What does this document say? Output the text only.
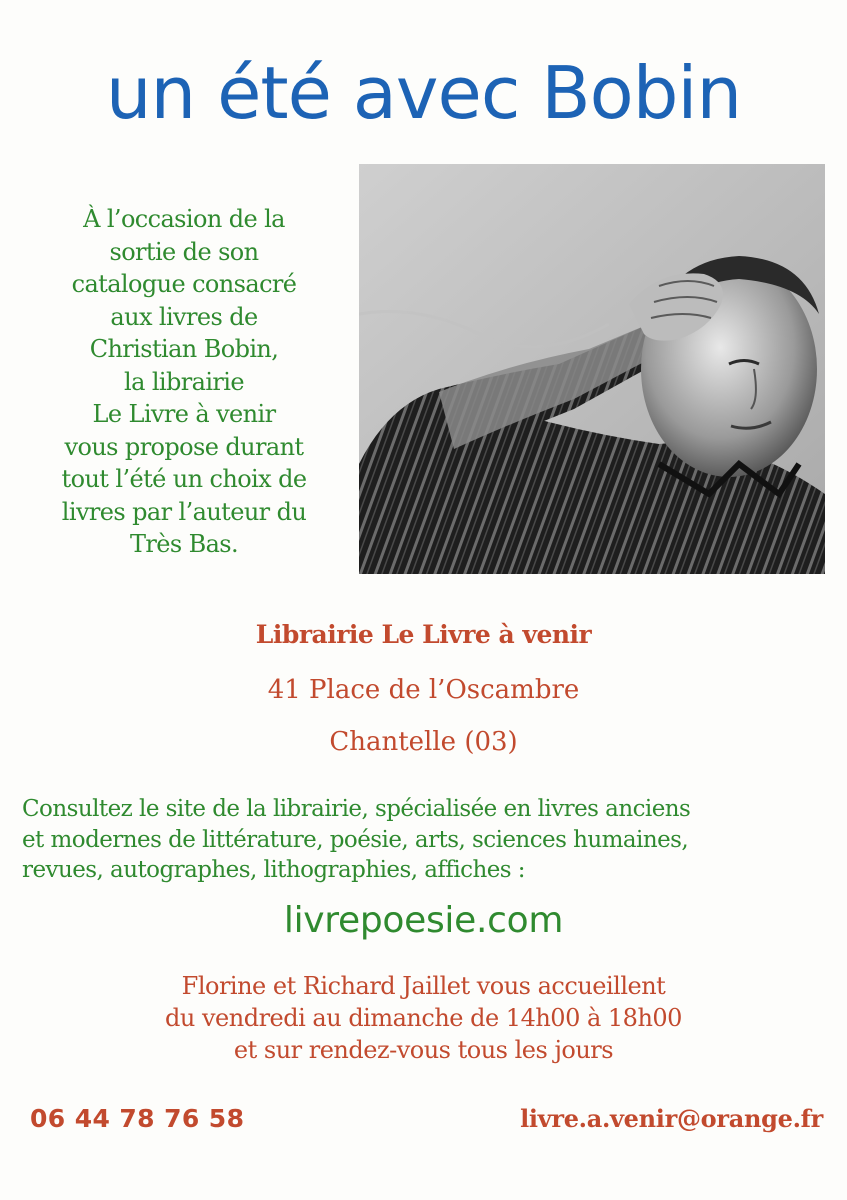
un été avec Bobin
À l’occasion de la
sortie de son
catalogue consacré
aux livres de
Christian Bobin,
la librairie
Le Livre à venir
vous propose durant
tout l’été un choix de
livres par l’auteur du
Très Bas.
Librairie Le Livre à venir
41 Place de l’Oscambre
Chantelle (03)
Consultez le site de la librairie, spécialisée en livres anciens
et modernes de littérature, poésie, arts, sciences humaines,
revues, autographes, lithographies, affiches :
livrepoesie.com
Florine et Richard Jaillet vous accueillent
du vendredi au dimanche de 14h00 à 18h00
et sur rendez-vous tous les jours
06 44 78 76 58	livre.a.venir@orange.fr
